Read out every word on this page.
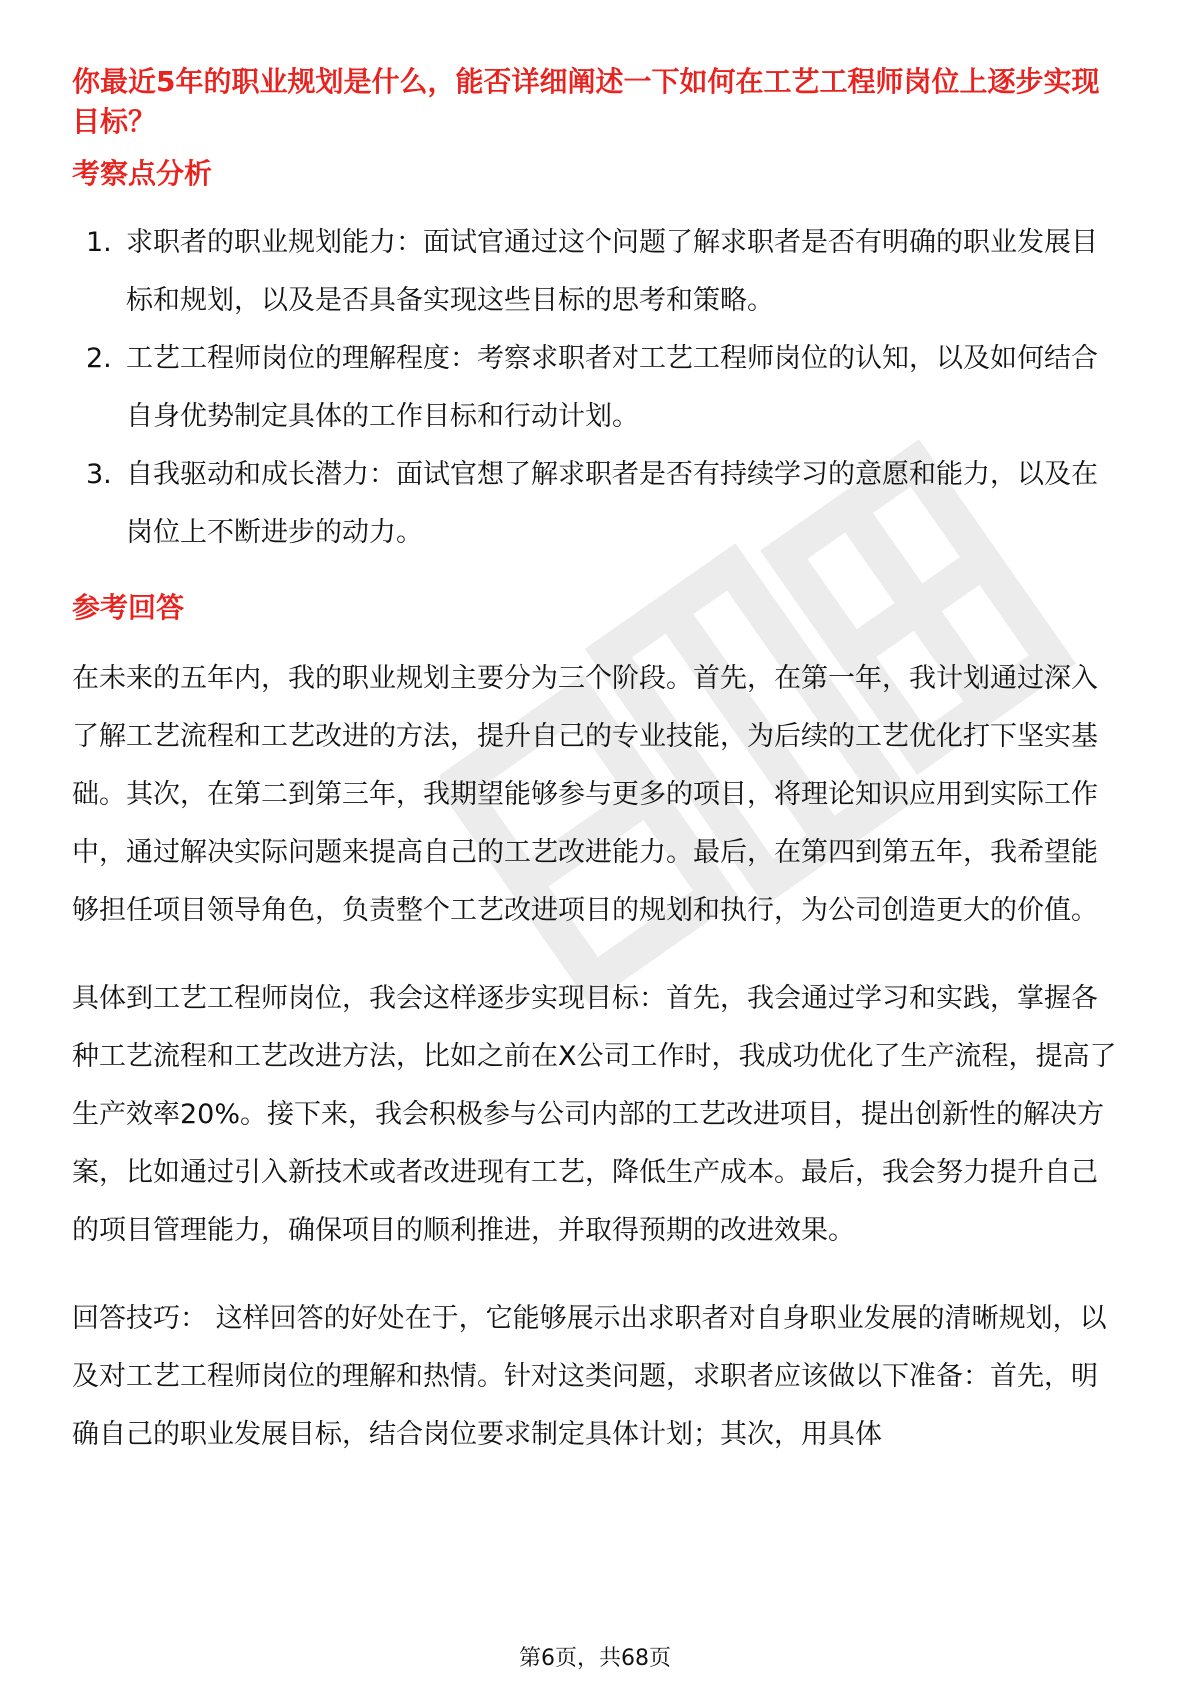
你最近5年的职业规划是什么，能否详细阐述一下如何在工艺工程师岗位上逐步实现目标？
考察点分析
1. 求职者的职业规划能力：面试官通过这个问题了解求职者是否有明确的职业发展目标和规划，以及是否具备实现这些目标的思考和策略。
2. 工艺工程师岗位的理解程度：考察求职者对工艺工程师岗位的认知，以及如何结合自身优势制定具体的工作目标和行动计划。
3. 自我驱动和成长潜力：面试官想了解求职者是否有持续学习的意愿和能力，以及在岗位上不断进步的动力。
参考回答

在未来的五年内，我的职业规划主要分为三个阶段。首先，在第一年，我计划通过深入了解工艺流程和工艺改进的方法，提升自己的专业技能，为后续的工艺优化打下坚实基础。其次，在第二到第三年，我期望能够参与更多的项目，将理论知识应用到实际工作中，通过解决实际问题来提高自己的工艺改进能力。最后，在第四到第五年，我希望能够担任项目领导角色，负责整个工艺改进项目的规划和执行，为公司创造更大的价值。

具体到工艺工程师岗位，我会这样逐步实现目标：首先，我会通过学习和实践，掌握各种工艺流程和工艺改进方法，比如之前在X公司工作时，我成功优化了生产流程，提高了生产效率20%。接下来，我会积极参与公司内部的工艺改进项目，提出创新性的解决方案，比如通过引入新技术或者改进现有工艺，降低生产成本。最后，我会努力提升自己的项目管理能力，确保项目的顺利推进，并取得预期的改进效果。

回答技巧： 这样回答的好处在于，它能够展示出求职者对自身职业发展的清晰规划，以及对工艺工程师岗位的理解和热情。针对这类问题，求职者应该做以下准备：首先，明确自己的职业发展目标，结合岗位要求制定具体计划；其次，用具体

第6页，共68页
